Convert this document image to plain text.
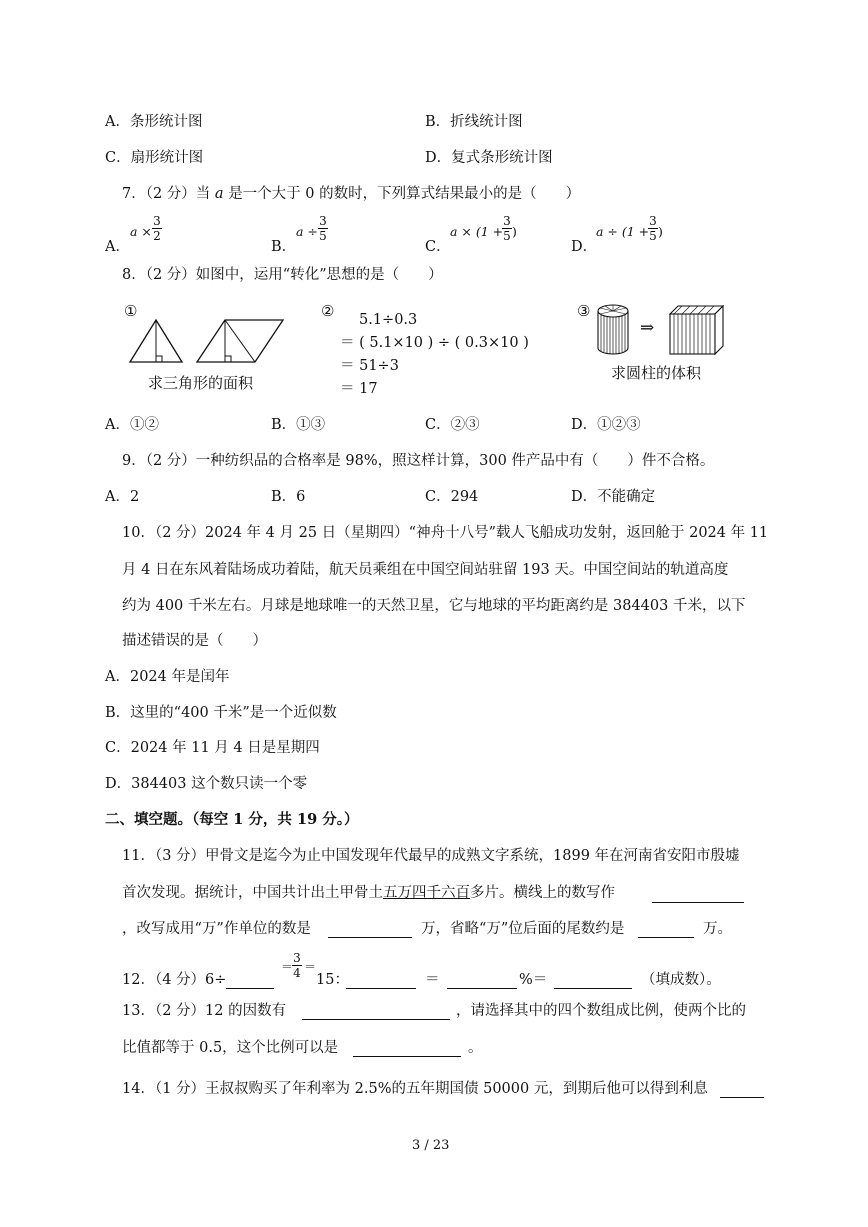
A．条形统计图	B．折线统计图
C．扇形统计图	D．复式条形统计图
7．（2 分）当 a 是一个大于 0 的数时，下列算式结果最小的是（　　）
A．
a ×
3
2
B．
a ÷
3
5
C．
a × (1 +
3
5 )
D．
a ÷ (1 +
3
5 )
8．（2 分）如图中，运用“转化”思想的是（　　）
①
求三角形的面积
② 5.1÷0.3
＝ ( 5.1×10 ) ÷ ( 0.3×10 )
＝ 51÷3
＝ 17
③
⇒
求圆柱的体积
A．①②	B．①③	C．②③	D．①②③
9．（2 分）一种纺织品的合格率是 98%，照这样计算，300 件产品中有（　　）件不合格。
A．2	B．6	C．294	D．不能确定
10．（2 分）2024 年 4 月 25 日（星期四）“神舟十八号”载人飞船成功发射，返回舱于 2024 年 11
月 4 日在东风着陆场成功着陆，航天员乘组在中国空间站驻留 193 天。中国空间站的轨道高度
约为 400 千米左右。月球是地球唯一的天然卫星，它与地球的平均距离约是 384403 千米，以下
描述错误的是（　　）
A．2024 年是闰年
B．这里的“400 千米”是一个近似数
C．2024 年 11 月 4 日是星期四
D．384403 这个数只读一个零
二、填空题。（每空 1 分，共 19 分。）
11．（3 分）甲骨文是迄今为止中国发现年代最早的成熟文字系统，1899 年在河南省安阳市殷墟
首次发现。据统计，中国共计出土甲骨土五万四千六百多片。横线上的数写作
，改写成用“万”作单位的数是	万，省略“万”位后面的尾数约是	万。
12．（4 分）6÷
＝
3
4 ＝
15：	＝	%＝	（填成数）。
13．（2 分）12 的因数有	，请选择其中的四个数组成比例，使两个比的
比值都等于 0.5，这个比例可以是	。
14．（1 分）王叔叔购买了年利率为 2.5%的五年期国债 50000 元，到期后他可以得到利息
3 / 23
